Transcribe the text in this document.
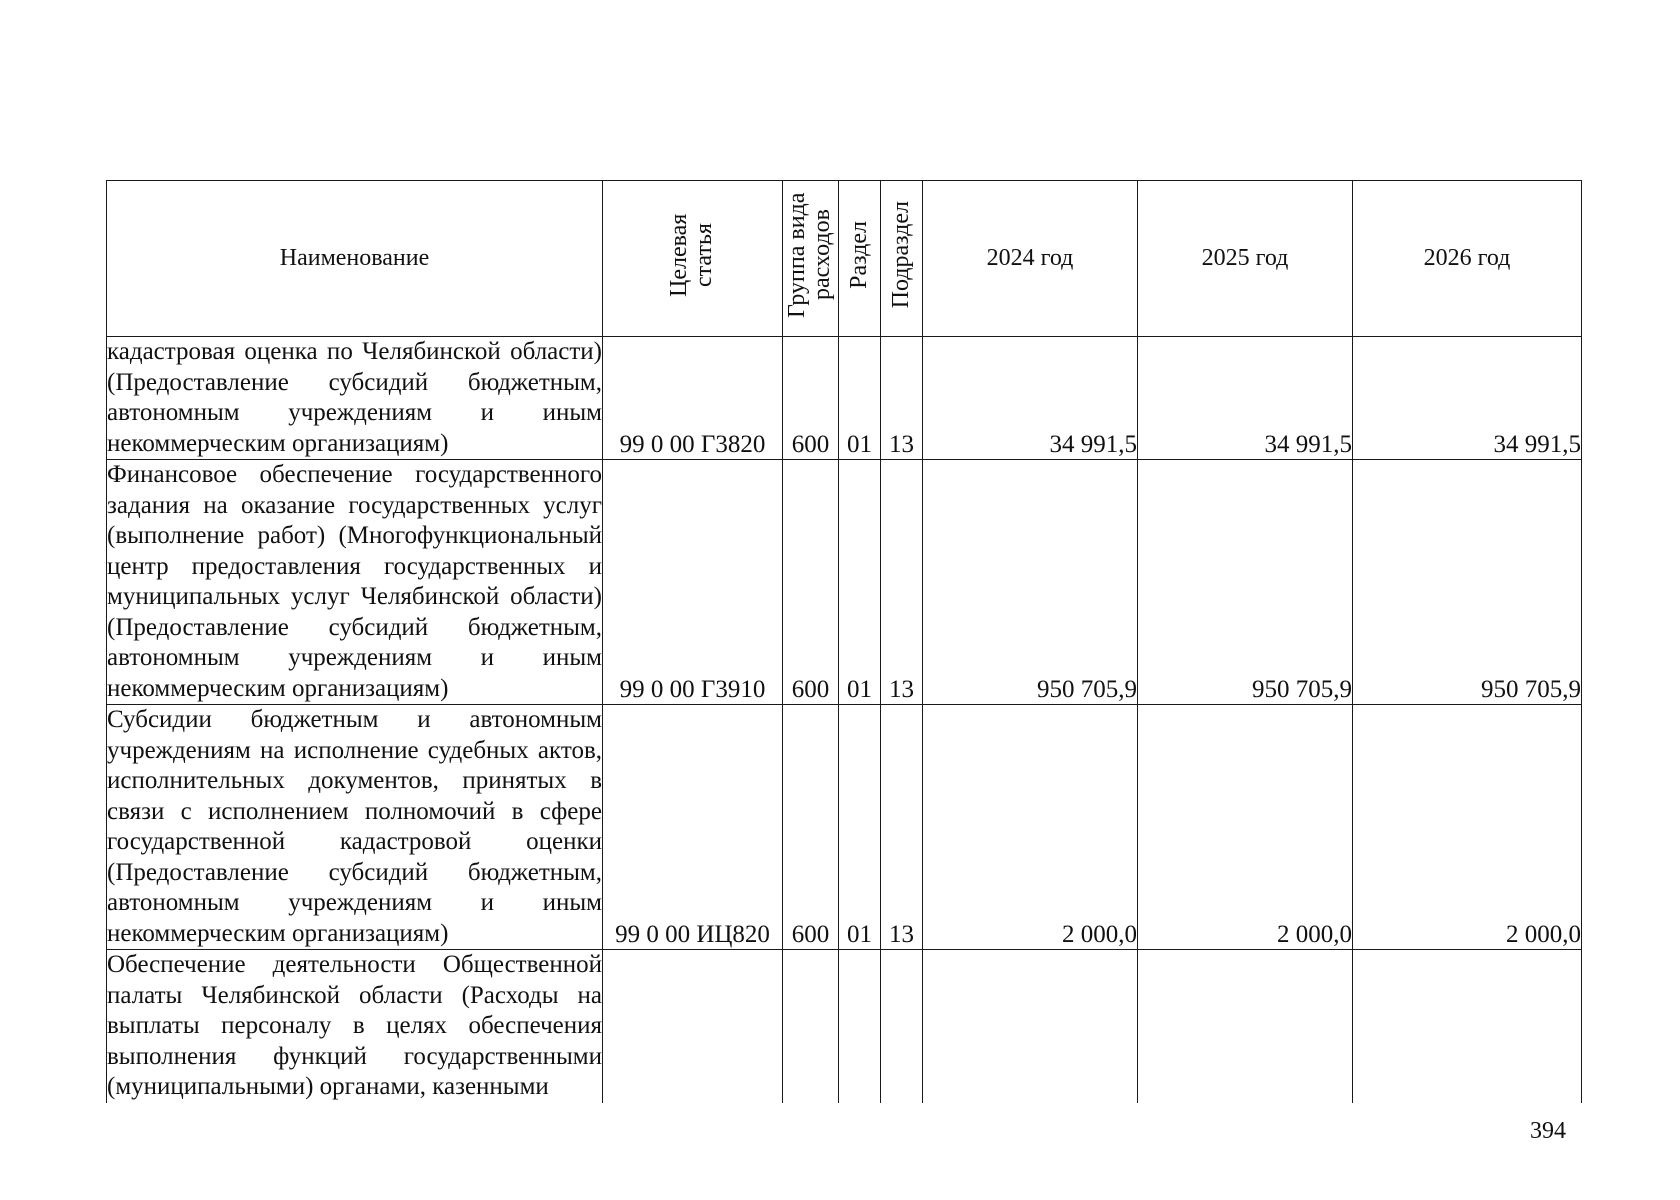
Наименование	Целевая статья	Группа вида расходов	Раздел	Подраздел	2024 год	2025 год	2026 год
кадастровая оценка по Челябинской области) (Предоставление субсидий бюджетным, автономным учреждениям и иным некоммерческим организациям)	99 0 00 Г3820	600	01	13	34 991,5	34 991,5	34 991,5
Финансовое обеспечение государственного задания на оказание государственных услуг (выполнение работ) (Многофункциональный центр предоставления государственных и муниципальных услуг Челябинской области) (Предоставление субсидий бюджетным, автономным учреждениям и иным некоммерческим организациям)	99 0 00 Г3910	600	01	13	950 705,9	950 705,9	950 705,9
Субсидии бюджетным и автономным учреждениям на исполнение судебных актов, исполнительных документов, принятых в связи с исполнением полномочий в сфере государственной кадастровой оценки (Предоставление субсидий бюджетным, автономным учреждениям и иным некоммерческим организациям)	99 0 00 ИЦ820	600	01	13	2 000,0	2 000,0	2 000,0
Обеспечение деятельности Общественной палаты Челябинской области (Расходы на выплаты персоналу в целях обеспечения выполнения функций государственными (муниципальными) органами, казенными							
394
